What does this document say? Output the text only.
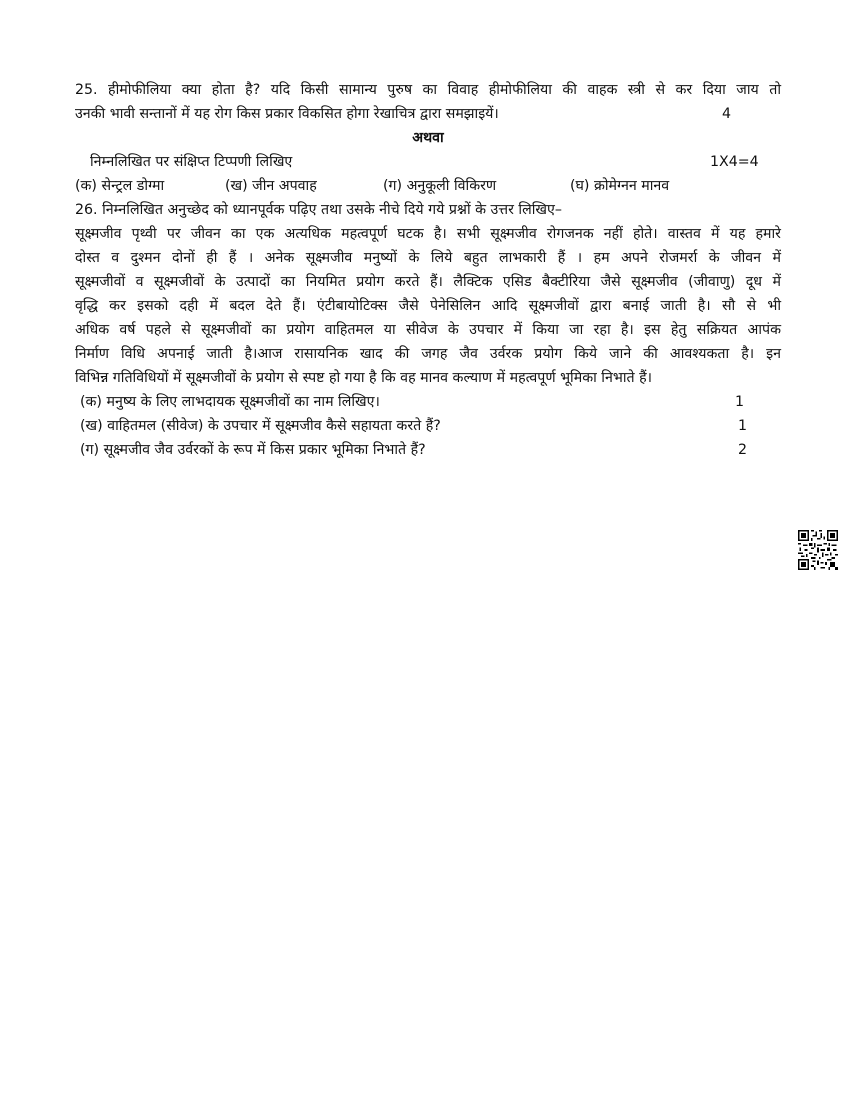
25. हीमोफीलिया क्या होता है? यदि किसी सामान्य पुरुष का विवाह हीमोफीलिया की वाहक स्त्री से कर दिया जाय तो
उनकी भावी सन्तानों में यह रोग किस प्रकार विकसित होगा रेखाचित्र द्वारा समझाइयें।	4
अथवा
निम्नलिखित पर संक्षिप्त टिप्पणी लिखिए	1X4=4
(क) सेन्ट्रल डोग्मा	(ख) जीन अपवाह	(ग) अनुकूली विकिरण	(घ) क्रोमेग्नन मानव
26. निम्नलिखित अनुच्छेद को ध्यानपूर्वक पढ़िए तथा उसके नीचे दिये गये प्रश्नों के उत्तर लिखिए–
सूक्ष्मजीव पृथ्वी पर जीवन का एक अत्यधिक महत्वपूर्ण घटक है। सभी सूक्ष्मजीव रोगजनक नहीं होते। वास्तव में यह हमारे
दोस्त व दुश्मन दोनों ही हैं । अनेक सूक्ष्मजीव मनुष्यों के लिये बहुत लाभकारी हैं । हम अपने रोजमर्रा के जीवन में
सूक्ष्मजीवों व सूक्ष्मजीवों के उत्पादों का नियमित प्रयोग करते हैं। लैक्टिक एसिड बैक्टीरिया जैसे सूक्ष्मजीव (जीवाणु) दूध में
वृद्धि कर इसको दही में बदल देते हैं। एंटीबायोटिक्स जैसे पेनेसिलिन आदि सूक्ष्मजीवों द्वारा बनाई जाती है। सौ से भी
अधिक वर्ष पहले से सूक्ष्मजीवों का प्रयोग वाहितमल या सीवेज के उपचार में किया जा रहा है। इस हेतु सक्रियत आपंक
निर्माण विधि अपनाई जाती है।आज रासायनिक खाद की जगह जैव उर्वरक प्रयोग किये जाने की आवश्यकता है। इन
विभिन्न गतिविधियों में सूक्ष्मजीवों के प्रयोग से स्पष्ट हो गया है कि वह मानव कल्याण में महत्वपूर्ण भूमिका निभाते हैं।
(क) मनुष्य के लिए लाभदायक सूक्ष्मजीवों का नाम लिखिए।	1
(ख) वाहितमल (सीवेज) के उपचार में सूक्ष्मजीव कैसे सहायता करते हैं?	1
(ग) सूक्ष्मजीव जैव उर्वरकों के रूप में किस प्रकार भूमिका निभाते हैं?	2
